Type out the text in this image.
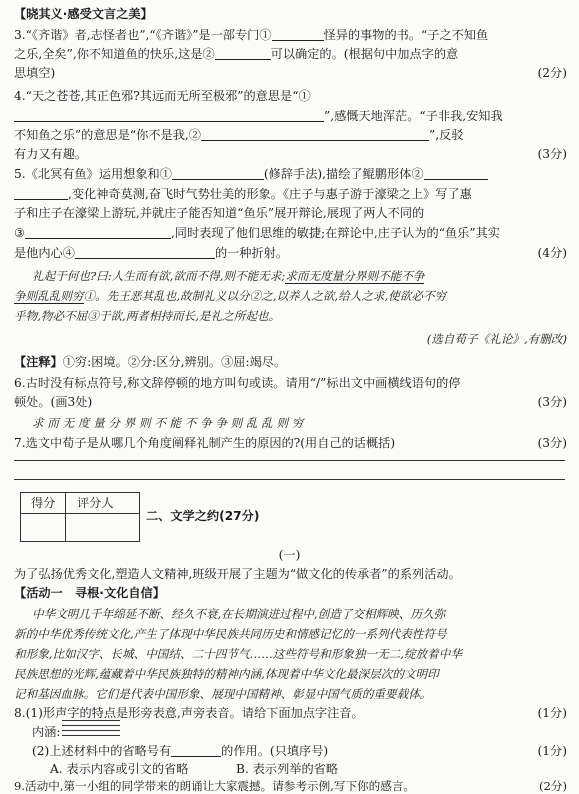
【晓其义·感受文言之美】
3.“《齐谐》者,志怪者也”,“《齐谐》”是一部专门①	怪异的事物的书。“子之不知鱼
之乐,全矣”,你不知道鱼的快乐,这是②	可以确定的。(根据句中加点字的意
思填空)	(2分)
4.“天之苍苍,其正色邪?其远而无所至极邪”的意思是“①
”,感慨天地浑茫。“子非我,安知我
不知鱼之乐”的意思是“你不是我,②	”,反驳
有力又有趣。	(3分)
5.《北冥有鱼》运用想象和①	(修辞手法),描绘了鲲鹏形体②
,变化神奇莫测,奋飞时气势壮美的形象。《庄子与惠子游于濠梁之上》写了惠
子和庄子在濠梁上游玩,并就庄子能否知道“鱼乐”展开辩论,展现了两人不同的
③	,同时表现了他们思维的敏捷;在辩论中,庄子认为的“鱼乐”其实
是他内心④	的一种折射。	(4分)
礼起于何也?曰:人生而有欲,欲而不得,则不能无求;求而无度量分界则不能不争
争则乱乱则穷①。先王恶其乱也,故制礼义以分②之,以养人之欲,给人之求,使欲必不穷
乎物,物必不屈③于欲,两者相持而长,是礼之所起也。
(选自荀子《礼论》,有删改)
【注释】①穷:困境。②分:区分,辨别。③屈:竭尽。
6.古时没有标点符号,称文辞停顿的地方叫句或读。请用“/”标出文中画横线语句的停
顿处。(画3处)	(3分)
求 而 无 度 量 分 界 则 不 能 不 争 争 则 乱 乱 则 穷
7.选文中荀子是从哪几个角度阐释礼制产生的原因的?(用自己的话概括)	(3分)
得分 评分人
二、文学之约(27分)
(一)
为了弘扬优秀文化,塑造人文精神,班级开展了主题为“做文化的传承者”的系列活动。
【活动一  寻根·文化自信】
中华文明几千年绵延不断、经久不衰,在长期演进过程中,创造了交相辉映、历久弥
新的中华优秀传统文化,产生了体现中华民族共同历史和情感记忆的一系列代表性符号
和形象,比如汉字、长城、中国结、二十四节气……这些符号和形象独一无二,绽放着中华
民族思想的光辉,蕴藏着中华民族独特的精神内涵,体现着中华文化最深层次的文明印
记和基因血脉。它们是代表中国形象、展现中国精神、彰显中国气质的重要载体。
8.(1)形声字的特点是形旁表意,声旁表音。请给下面加点字注音。	(1分)
内涵:
(2)上述材料中的省略号有	的作用。(只填序号)	(1分)
A. 表示内容或引文的省略	B. 表示列举的省略
9.活动中,第一小组的同学带来的朗诵让大家震撼。请参考示例,写下你的感言。	(2分)
